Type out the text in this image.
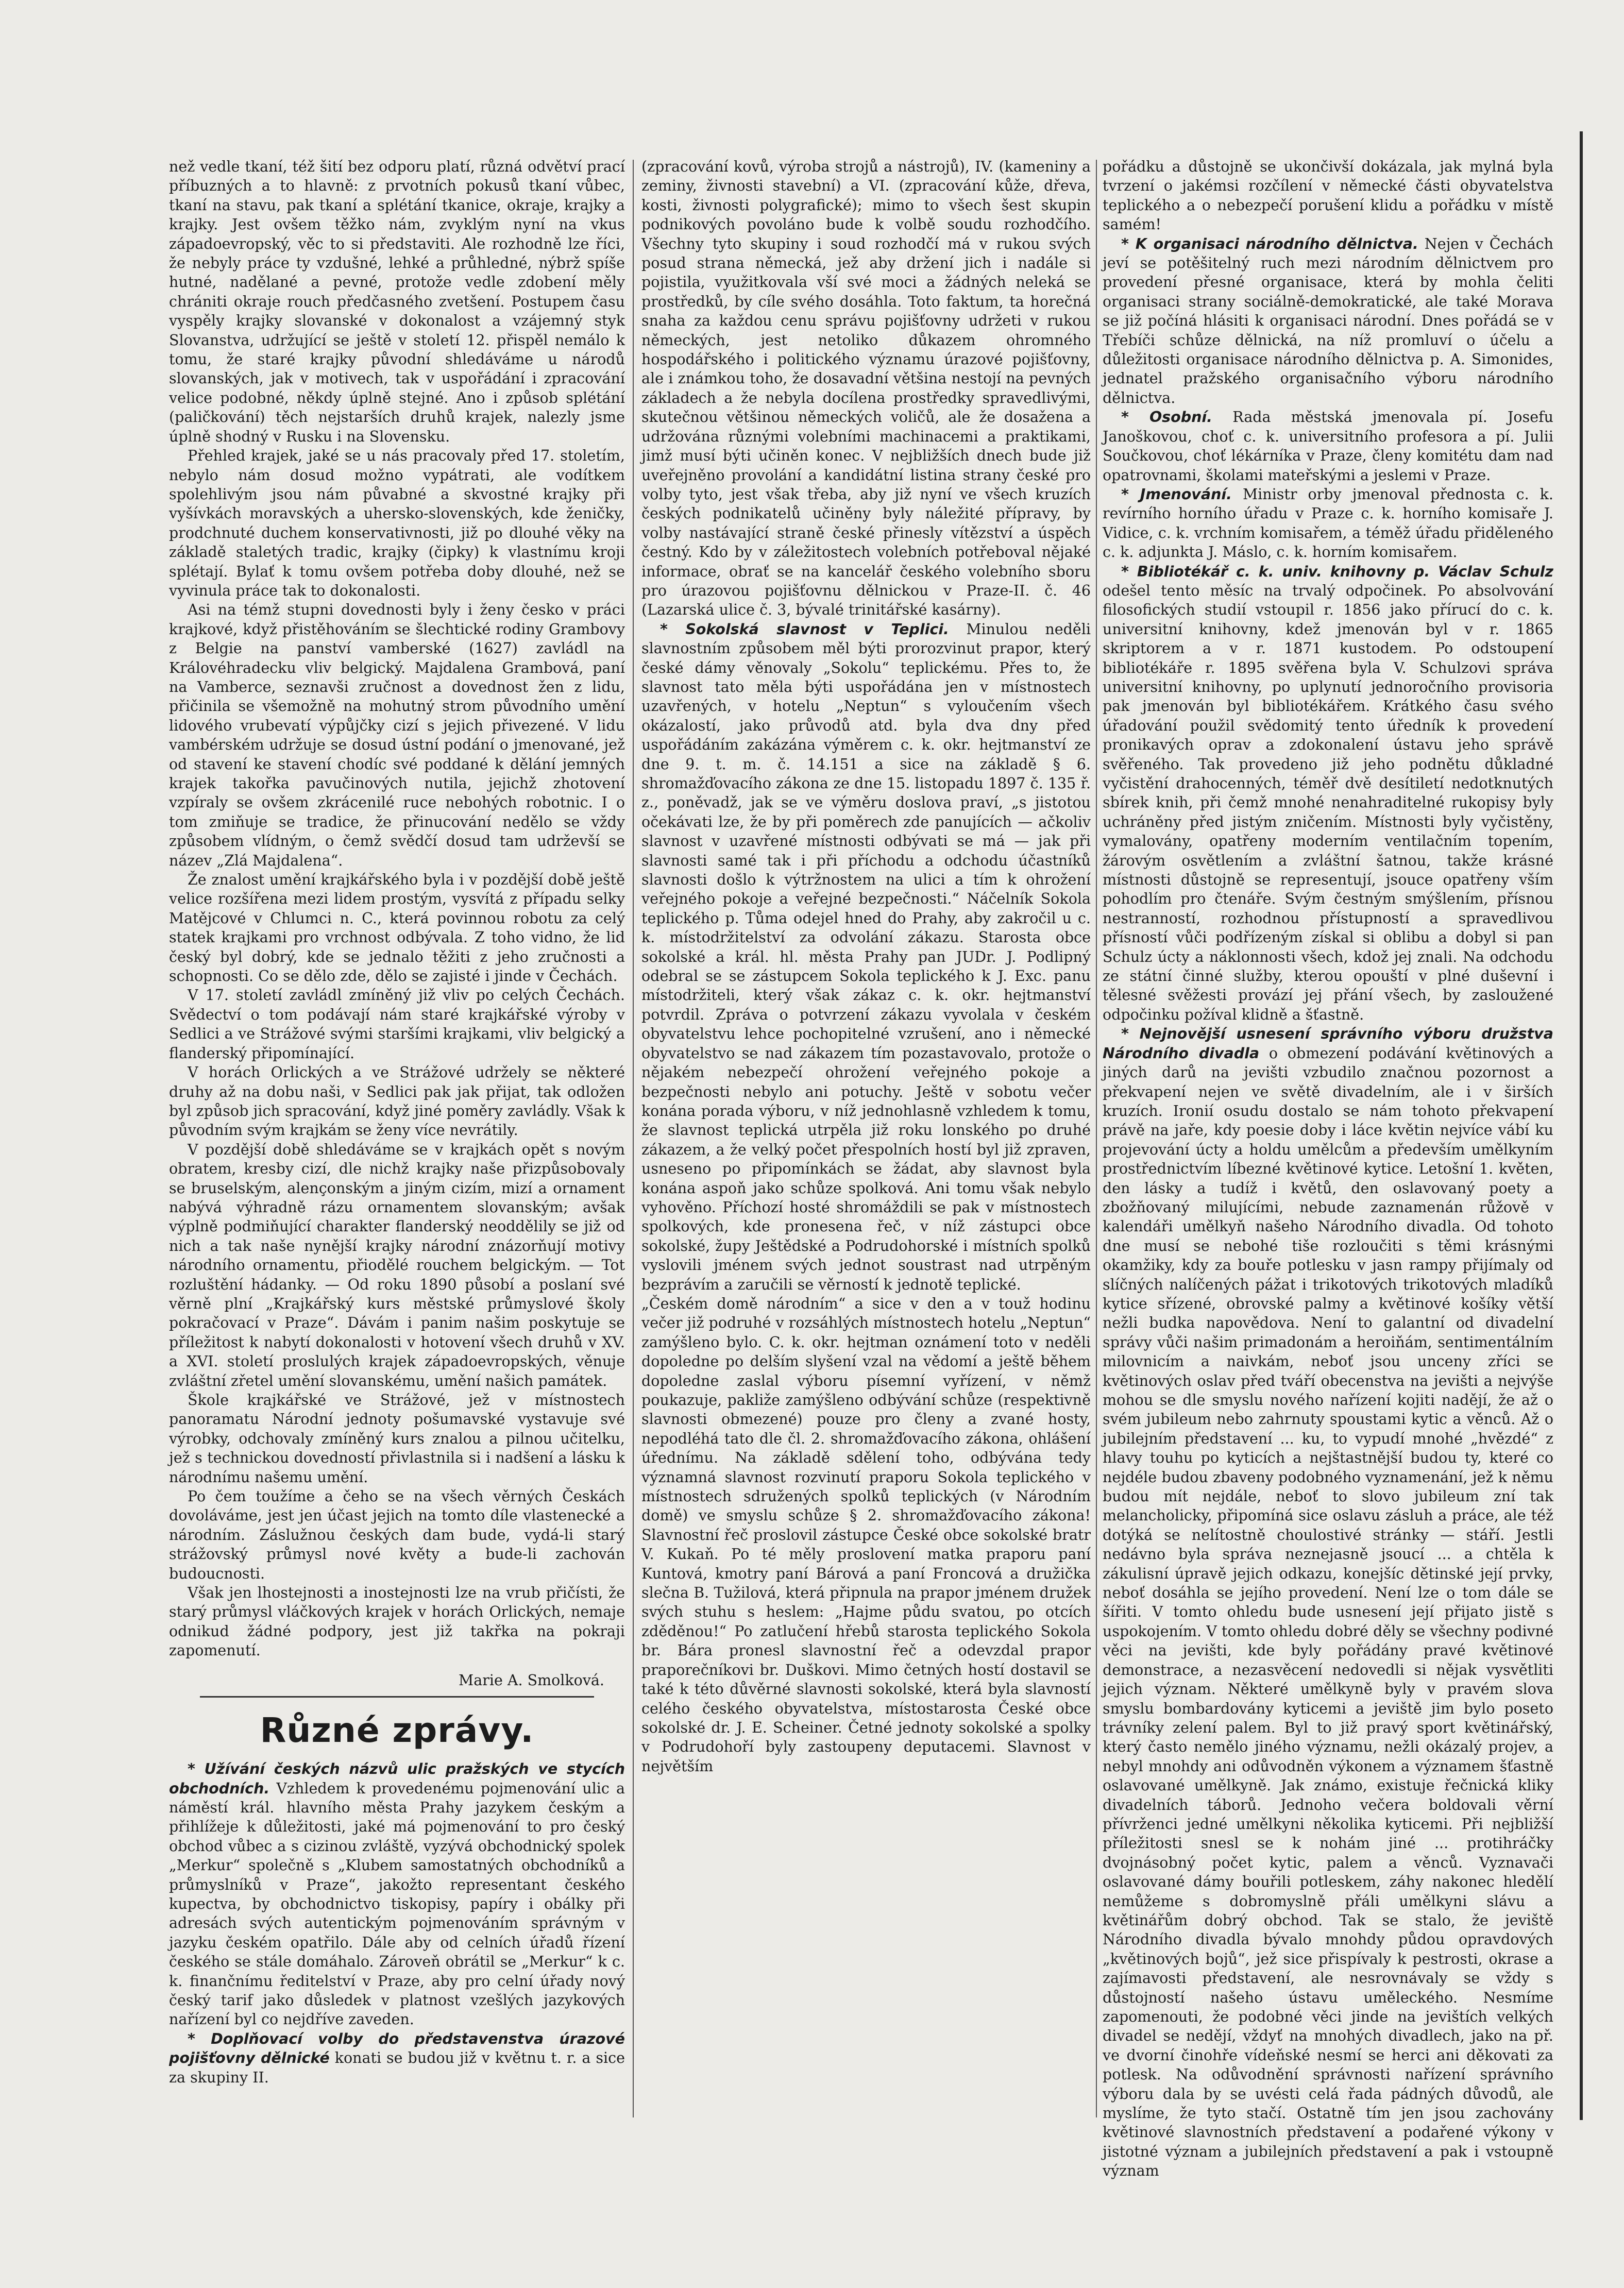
než vedle tkaní, též šití bez odporu platí, různá odvětví prací příbuzných a to hlavně: z prvotních pokusů tkaní vůbec, tkaní na stavu, pak tkaní a splétání tkanice, okraje, krajky a krajky. Jest ovšem těžko nám, zvyklým nyní na vkus západoevropský, věc to si představiti. Ale rozhodně lze říci, že nebyly práce ty vzdušné, lehké a průhledné, nýbrž spíše hutné, nadělané a pevné, protože vedle zdobení měly chrániti okraje rouch předčasného zvetšení. Postupem času vyspěly krajky slovanské v dokonalost a vzájemný styk Slovanstva, udržující se ještě v století 12. přispěl nemálo k tomu, že staré krajky původní shledáváme u národů slovanských, jak v motivech, tak v uspořádání i zpracování velice podobné, někdy úplně stejné. Ano i způsob splétání (paličkování) těch nejstarších druhů krajek, nalezly jsme úplně shodný v Rusku i na Slovensku.

Přehled krajek, jaké se u nás pracovaly před 17. stoletím, nebylo nám dosud možno vypátrati, ale vodítkem spolehlivým jsou nám půvabné a skvostné krajky při vyšívkách moravských a uhersko-slovenských, kde ženičky, prodchnuté duchem konservativnosti, již po dlouhé věky na základě staletých tradic, krajky (čipky) k vlastnímu kroji splétají. Bylať k tomu ovšem potřeba doby dlouhé, než se vyvinula práce tak to dokonalosti.

Asi na témž stupni dovednosti byly i ženy česko v práci krajkové, když přistěhováním se šlechtické rodiny Grambovy z Belgie na panství vamberské (1627) zavládl na Královéhradecku vliv belgický. Majdalena Grambová, paní na Vamberce, seznavši zručnost a dovednost žen z lidu, přičinila se všemožně na mohutný strom původního umění lidového vrubevatí výpůjčky cizí s jejich přivezené. V lidu vambérském udržuje se dosud ústní podání o jmenované, jež od stavení ke stavení chodíc své poddané k dělání jemných krajek takořka pavučinových nutila, jejichž zhotovení vzpíraly se ovšem zkrácenilé ruce nebohých robotnic. I o tom zmiňuje se tradice, že přinucování nedělo se vždy způsobem vlídným, o čemž svědčí dosud tam udrževší se název „Zlá Majdalena“.

Že znalost umění krajkářského byla i v pozdější době ještě velice rozšířena mezi lidem prostým, vysvítá z případu selky Matějcové v Chlumci n. C., která povinnou robotu za celý statek krajkami pro vrchnost odbývala. Z toho vidno, že lid český byl dobrý, kde se jednalo těžiti z jeho zručnosti a schopnosti. Co se dělo zde, dělo se zajisté i jinde v Čechách.

V 17. století zavládl zmíněný již vliv po celých Čechách. Svědectví o tom podávají nám staré krajkářské výroby v Sedlici a ve Strážové svými staršími krajkami, vliv belgický a flanderský připomínající.

V horách Orlických a ve Strážové udržely se některé druhy až na dobu naši, v Sedlici pak jak přijat, tak odložen byl způsob jich spracování, když jiné poměry zavládly. Však k původním svým krajkám se ženy více nevrátily.

V pozdější době shledáváme se v krajkách opět s novým obratem, kresby cizí, dle nichž krajky naše přizpůsobovaly se bruselským, alençonským a jiným cizím, mizí a ornament nabývá výhradně rázu ornamentem slovanským; avšak výplně podmiňující charakter flanderský neoddělily se již od nich a tak naše nynější krajky národní znázorňují motivy národního ornamentu, přiodělé rouchem belgickým. — Tot rozluštění hádanky. — Od roku 1890 působí a poslaní své věrně plní „Krajkářský kurs městské průmyslové školy pokračovací v Praze“. Dávám i panim našim poskytuje se příležitost k nabytí dokonalosti v hotovení všech druhů v XV. a XVI. století proslulých krajek západoevropských, věnuje zvláštní zřetel umění slovanskému, umění našich památek.

Škole krajkářské ve Strážové, jež v místnostech panoramatu Národní jednoty pošumavské vystavuje své výrobky, odchovaly zmíněný kurs znalou a pilnou učitelku, jež s technickou dovedností přivlastnila si i nadšení a lásku k národnímu našemu umění.

Po čem toužíme a čeho se na všech věrných Českách dovoláváme, jest jen účast jejich na tomto díle vlastenecké a národním. Záslužnou českých dam bude, vydá-li starý strážovský průmysl nové květy a bude-li zachován budoucnosti.

Však jen lhostejnosti a inostejnosti lze na vrub přičísti, že starý průmysl vláčkových krajek v horách Orlických, nemaje odnikud žádné podpory, jest již takřka na pokraji zapomenutí.

Marie A. Smolková.
Různé zprávy.

* Užívání českých názvů ulic pražských ve stycích obchodních. Vzhledem k provedenému pojmenování ulic a náměstí král. hlavního města Prahy jazykem českým a přihlížeje k důležitosti, jaké má pojmenování to pro český obchod vůbec a s cizinou zvláště, vyzývá obchodnický spolek „Merkur“ společně s „Klubem samostatných obchodníků a průmyslníků v Praze“, jakožto representant českého kupectva, by obchodnictvo tiskopisy, papíry i obálky při adresách svých autentickým pojmenováním správným v jazyku českém opatřilo. Dále aby od celních úřadů řízení českého se stále domáhalo. Zároveň obrátil se „Merkur“ k c. k. finančnímu ředitelství v Praze, aby pro celní úřady nový český tarif jako důsledek v platnost vzešlých jazykových nařízení byl co nejdříve zaveden.

* Doplňovací volby do představenstva úrazové pojišťovny dělnické konati se budou již v květnu t. r. a sice za skupiny II.

(zpracování kovů, výroba strojů a nástrojů), IV. (kameniny a zeminy, živnosti stavební) a VI. (zpracování kůže, dřeva, kosti, živnosti polygrafické); mimo to všech šest skupin podnikových povoláno bude k volbě soudu rozhodčího. Všechny tyto skupiny i soud rozhodčí má v rukou svých posud strana německá, jež aby držení jich i nadále si pojistila, využitkovala vší své moci a žádných neleká se prostředků, by cíle svého dosáhla. Toto faktum, ta horečná snaha za každou cenu správu pojišťovny udržeti v rukou německých, jest netoliko důkazem ohromného hospodářského i politického významu úrazové pojišťovny, ale i známkou toho, že dosavadní většina nestojí na pevných základech a že nebyla docílena prostředky spravedlivými, skutečnou většinou německých voličů, ale že dosažena a udržována různými volebními machinacemi a praktikami, jimž musí býti učiněn konec. V nejbližších dnech bude již uveřejněno provolání a kandidátní listina strany české pro volby tyto, jest však třeba, aby již nyní ve všech kruzích českých podnikatelů učiněny byly náležité přípravy, by volby nastávající straně české přinesly vítězství a úspěch čestný. Kdo by v záležitostech volebních potřeboval nějaké informace, obrať se na kancelář českého volebního sboru pro úrazovou pojišťovnu dělnickou v Praze-II. č. 46 (Lazarská ulice č. 3, bývalé trinitářské kasárny).

* Sokolská slavnost v Teplici. Minulou neděli slavnostním způsobem měl býti prorozvinut prapor, který české dámy věnovaly „Sokolu“ teplickému. Přes to, že slavnost tato měla býti uspořádána jen v místnostech uzavřených, v hotelu „Neptun“ s vyloučením všech okázalostí, jako průvodů atd. byla dva dny před uspořádáním zakázána výměrem c. k. okr. hejtmanství ze dne 9. t. m. č. 14.151 a sice na základě § 6. shromažďovacího zákona ze dne 15. listopadu 1897 č. 135 ř. z., poněvadž, jak se ve výměru doslova praví, „s jistotou očekávati lze, že by při poměrech zde panujících — ačkoliv slavnost v uzavřené místnosti odbývati se má — jak při slavnosti samé tak i při příchodu a odchodu účastníků slavnosti došlo k výtržnostem na ulici a tím k ohrožení veřejného pokoje a veřejné bezpečnosti.“ Náčelník Sokola teplického p. Tůma odejel hned do Prahy, aby zakročil u c. k. místodržitelství za odvolání zákazu. Starosta obce sokolské a král. hl. města Prahy pan JUDr. J. Podlipný odebral se se zástupcem Sokola teplického k J. Exc. panu místodržiteli, který však zákaz c. k. okr. hejtmanství potvrdil. Zpráva o potvrzení zákazu vyvolala v českém obyvatelstvu lehce pochopitelné vzrušení, ano i německé obyvatelstvo se nad zákazem tím pozastavovalo, protože o nějakém nebezpečí ohrožení veřejného pokoje a bezpečnosti nebylo ani potuchy. Ještě v sobotu večer konána porada výboru, v níž jednohlasně vzhledem k tomu, že slavnost teplická utrpěla již roku lonského po druhé zákazem, a že velký počet přespolních hostí byl již zpraven, usneseno po připomínkách se žádat, aby slavnost byla konána aspoň jako schůze spolková. Ani tomu však nebylo vyhověno. Příchozí hosté shromáždili se pak v místnostech spolkových, kde pronesena řeč, v níž zástupci obce sokolské, župy Ještědské a Podrudohorské i místních spolků vyslovili jménem svých jednot soustrast nad utrpěným bezprávím a zaručili se věrností k jednotě teplické.

„Českém domě národním“ a sice v den a v touž hodinu večer již podruhé v rozsáhlých místnostech hotelu „Neptun“ zamýšleno bylo. C. k. okr. hejtman oznámení toto v neděli dopoledne po delším slyšení vzal na vědomí a ještě během dopoledne zaslal výboru písemní vyřízení, v němž poukazuje, pakliže zamýšleno odbývání schůze (respektivně slavnosti obmezené) pouze pro členy a zvané hosty, nepodléhá tato dle čl. 2. shromažďovacího zákona, ohlášení úřednímu. Na základě sdělení toho, odbývána tedy významná slavnost rozvinutí praporu Sokola teplického v místnostech sdružených spolků teplických (v Národním domě) ve smyslu schůze § 2. shromažďovacího zákona! Slavnostní řeč proslovil zástupce České obce sokolské bratr V. Kukaň. Po té měly proslovení matka praporu paní Kuntová, kmotry paní Bárová a paní Froncová a družička slečna B. Tužilová, která připnula na prapor jménem družek svých stuhu s heslem: „Hajme půdu svatou, po otcích zděděnou!“ Po zatlučení hřebů starosta teplického Sokola br. Bára pronesl slavnostní řeč a odevzdal prapor praporečníkovi br. Duškovi. Mimo četných hostí dostavil se také k této důvěrné slavnosti sokolské, která byla slavností celého českého obyvatelstva, místostarosta České obce sokolské dr. J. E. Scheiner. Četné jednoty sokolské a spolky v Podrudohoří byly zastoupeny deputacemi. Slavnost v největším

pořádku a důstojně se ukončivší dokázala, jak mylná byla tvrzení o jakémsi rozčílení v německé části obyvatelstva teplického a o nebezpečí porušení klidu a pořádku v místě samém!

* K organisaci národního dělnictva. Nejen v Čechách jeví se potěšitelný ruch mezi národním dělnictvem pro provedení přesné organisace, která by mohla čeliti organisaci strany sociálně-demokratické, ale také Morava se již počíná hlásiti k organisaci národní. Dnes pořádá se v Třebíči schůze dělnická, na níž promluví o účelu a důležitosti organisace národního dělnictva p. A. Simonides, jednatel pražského organisačního výboru národního dělnictva.

* Osobní. Rada městská jmenovala pí. Josefu Janoškovou, choť c. k. universitního profesora a pí. Julii Součkovou, choť lékárníka v Praze, členy komitétu dam nad opatrovnami, školami mateřskými a jeslemi v Praze.

* Jmenování. Ministr orby jmenoval přednosta c. k. revírního horního úřadu v Praze c. k. horního komisaře J. Vidice, c. k. vrchním komisařem, a téměž úřadu přiděleného c. k. adjunkta J. Máslo, c. k. horním komisařem.

* Bibliotékář c. k. univ. knihovny p. Václav Schulz odešel tento měsíc na trvalý odpočinek. Po absolvování filosofických studií vstoupil r. 1856 jako přírucí do c. k. universitní knihovny, kdež jmenován byl v r. 1865 skriptorem a v r. 1871 kustodem. Po odstoupení bibliotékáře r. 1895 svěřena byla V. Schulzovi správa universitní knihovny, po uplynutí jednoročního provisoria pak jmenován byl bibliotékářem. Krátkého času svého úřadování použil svědomitý tento úředník k provedení pronikavých oprav a zdokonalení ústavu jeho správě svěřeného. Tak provedeno již jeho podnětu důkladné vyčistění drahocenných, téměř dvě desítiletí nedotknutých sbírek knih, při čemž mnohé nenahraditelné rukopisy byly uchráněny před jistým zničením. Místnosti byly vyčistěny, vymalovány, opatřeny moderním ventilačním topením, žárovým osvětlením a zvláštní šatnou, takže krásné místnosti důstojně se representují, jsouce opatřeny vším pohodlím pro čtenáře. Svým čestným smýšlením, přísnou nestranností, rozhodnou přístupností a spravedlivou přísností vůči podřízeným získal si oblibu a dobyl si pan Schulz úcty a náklonnosti všech, kdož jej znali. Na odchodu ze státní činné služby, kterou opouští v plné duševní i tělesné svěžesti provází jej přání všech, by zasloužené odpočinku požíval klidně a šťastně.

* Nejnovější usnesení správního výboru družstva Národního divadla o obmezení podávání květinových a jiných darů na jevišti vzbudilo značnou pozornost a překvapení nejen ve světě divadelním, ale i v širších kruzích. Ironií osudu dostalo se nám tohoto překvapení právě na jaře, kdy poesie doby i láce květin nejvíce vábí ku projevování úcty a holdu umělcům a především umělkyním prostřednictvím líbezné květinové kytice. Letošní 1. květen, den lásky a tudíž i květů, den oslavovaný poety a zbožňovaný milujícími, nebude zaznamenán růžově v kalendáři umělkyň našeho Národního divadla. Od tohoto dne musí se nebohé tiše rozloučiti s těmi krásnými okamžiky, kdy za bouře potlesku v jasn rampy přijímaly od slíčných nalíčených pážat i trikotových trikotových mladíků kytice sřízené, obrovské palmy a květinové košíky větší nežli budka napovědova. Není to galantní od divadelní správy vůči našim primadonám a heroiňám, sentimentálním milovnicím a naivkám, neboť jsou unceny zříci se květinových oslav před tváří obecenstva na jevišti a nejvýše mohou se dle smyslu nového nařízení kojiti nadějí, že až o svém jubileum nebo zahrnuty spoustami kytic a věnců. Až o jubilejním představení ... ku, to vypudí mnohé „hvězdé“ z hlavy touhu po kyticích a nejštastnější budou ty, které co nejdéle budou zbaveny podobného vyznamenání, jež k němu budou mít nejdále, neboť to slovo jubileum zní tak melancholicky, připomíná sice oslavu zásluh a práce, ale též dotýká se nelítostně choulostivé stránky — stáří. Jestli nedávno byla správa neznejasně jsoucí ... a chtěla k zákulisní úpravě jejich odkazu, konejšíc dětinské její prvky, neboť dosáhla se jejího provedení. Není lze o tom dále se šířiti. V tomto ohledu bude usnesení její přijato jistě s uspokojením. V tomto ohledu dobré děly se všechny podivné věci na jevišti, kde byly pořádány pravé květinové demonstrace, a nezasvěcení nedovedli si nějak vysvětliti jejich význam. Některé umělkyně byly v pravém slova smyslu bombardovány kyticemi a jeviště jim bylo poseto trávníky zelení palem. Byl to již pravý sport květinářský, který často nemělo jiného významu, nežli okázalý projev, a nebyl mnohdy ani odůvodněn výkonem a významem šťastně oslavované umělkyně. Jak známo, existuje řečnická kliky divadelních táborů. Jednoho večera boldovali věrní přívrženci jedné umělkyni několika kyticemi. Při nejbližší příležitosti snesl se k nohám jiné ... protihráčky dvojnásobný počet kytic, palem a věnců. Vyznavači oslavované dámy bouřili potleskem, záhy nakonec hledělí nemůžeme s dobromyslně přáli umělkyni slávu a květinářům dobrý obchod. Tak se stalo, že jeviště Národního divadla bývalo mnohdy půdou opravdových „květinových bojů“, jež sice přispívaly k pestrosti, okrase a zajímavosti představení, ale nesrovnávaly se vždy s důstojností našeho ústavu uměleckého. Nesmíme zapomenouti, že podobné věci jinde na jevištích velkých divadel se nedějí, vždyť na mnohých divadlech, jako na př. ve dvorní činohře vídeňské nesmí se herci ani děkovati za potlesk. Na odůvodnění správnosti nařízení správního výboru dala by se uvésti celá řada pádných důvodů, ale myslíme, že tyto stačí. Ostatně tím jen jsou zachovány květinové slavnostních představení a podařené výkony v jistotné význam a jubilejních představení a pak i vstoupně význam
